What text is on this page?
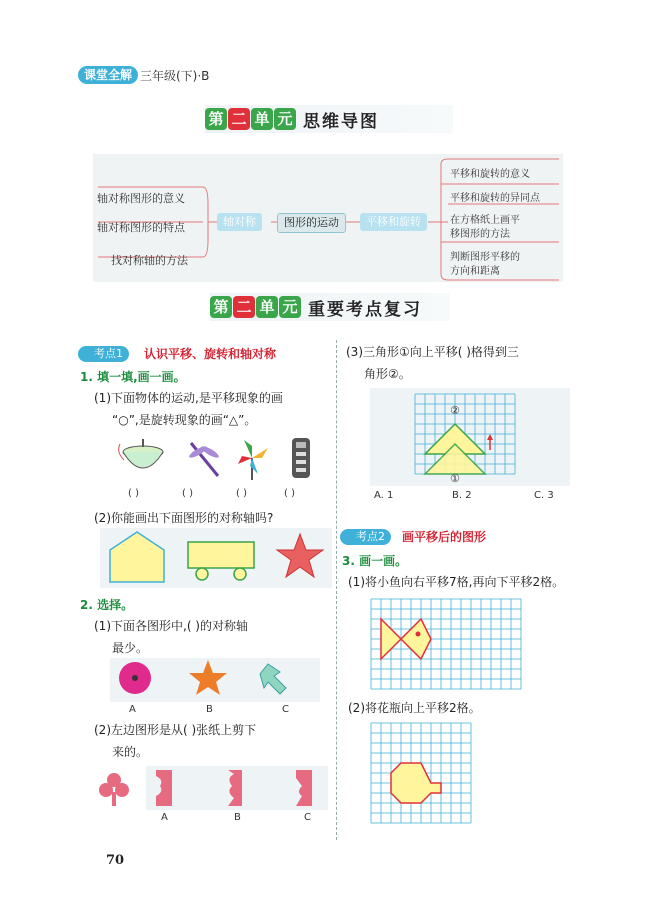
课堂全解 三年级(下)·B
第 二 单 元 思维导图
轴对称图形的意义
轴对称图形的特点
找对称轴的方法
轴对称	图形的运动	平移和旋转
平移和旋转的意义
平移和旋转的异同点
在方格纸上画平
移图形的方法
判断图形平移的
方向和距离
第 二 单 元 重要考点复习
考点1	认识平移、旋转和轴对称
1. 填一填,画一画。
(1)下面物体的运动,是平移现象的画
“○”,是旋转现象的画“△”。
( )	( )	( )	( )
(2)你能画出下面图形的对称轴吗?
2. 选择。
(1)下面各图形中,( )的对称轴
最少。
A	B	C
(2)左边图形是从( )张纸上剪下
来的。
A	B	C
(3)三角形①向上平移( )格得到三
角形②。
②
①
A. 1	B. 2	C. 3
考点2	画平移后的图形
3. 画一画。
(1)将小鱼向右平移7格,再向下平移2格。
(2)将花瓶向上平移2格。
70
